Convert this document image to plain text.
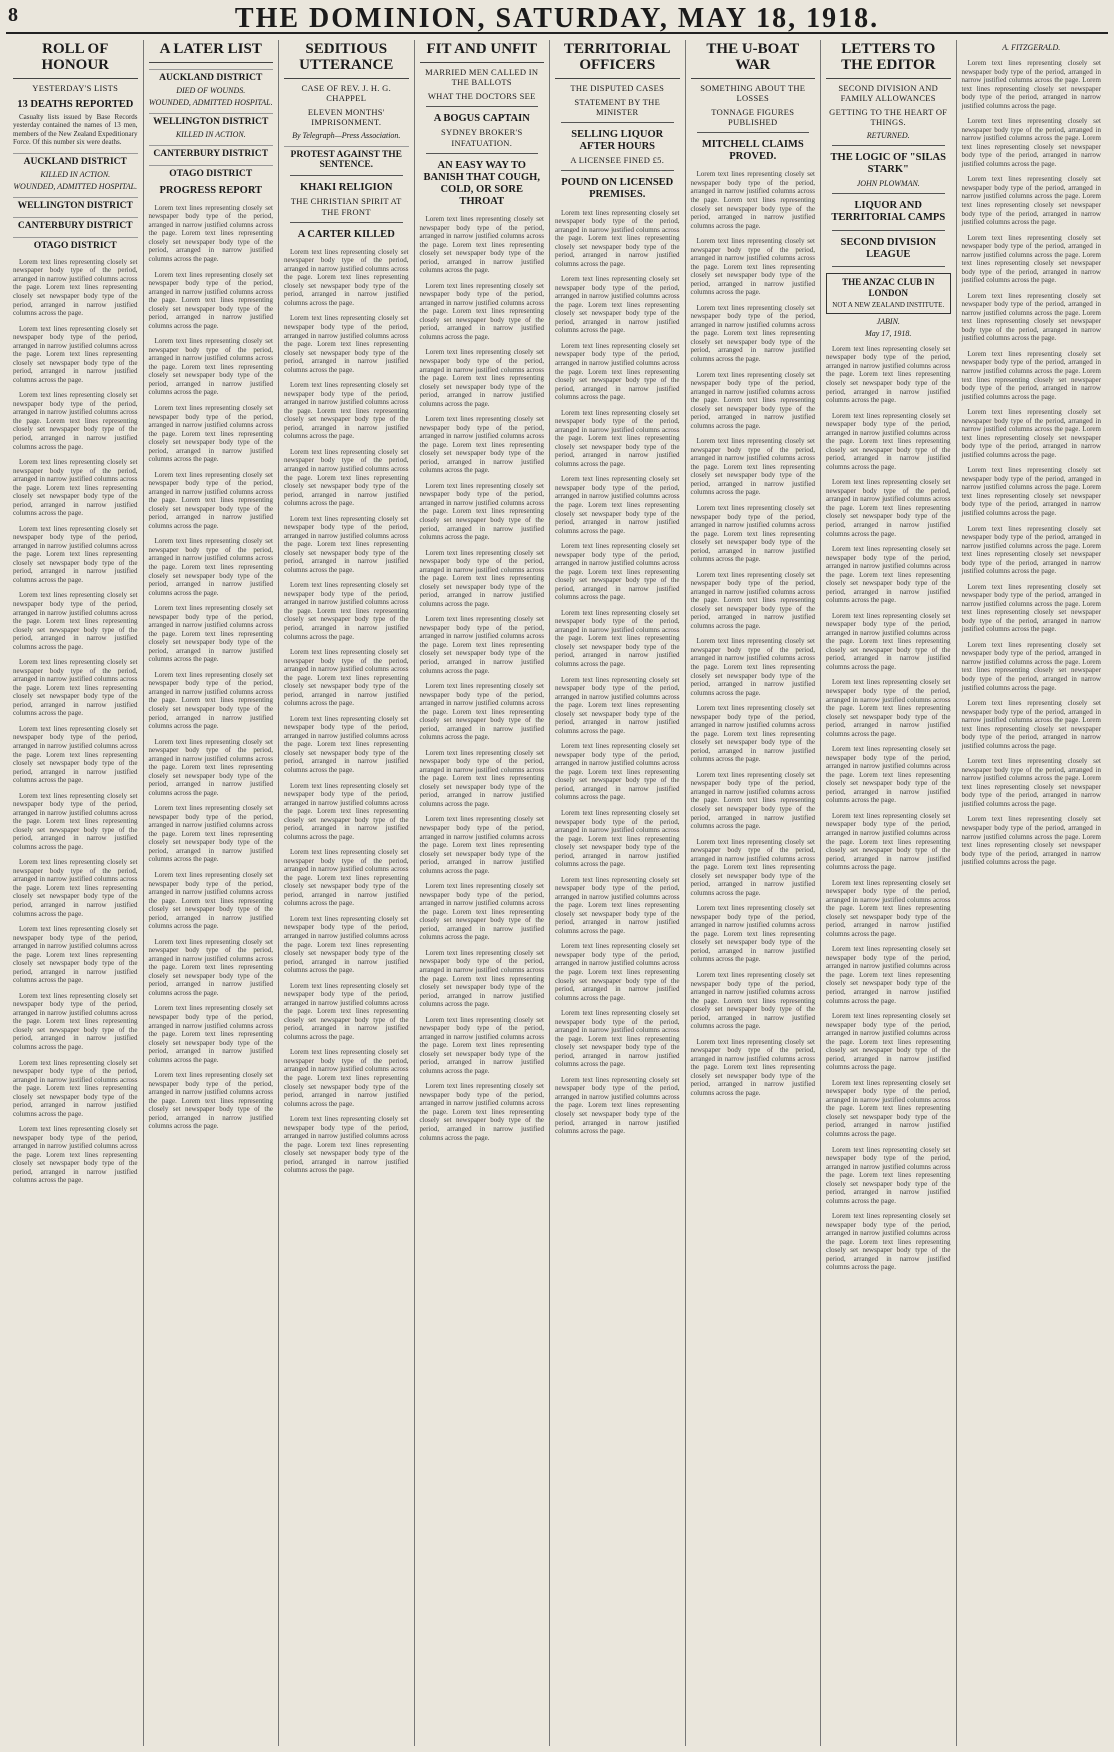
8	THE DOMINION, SATURDAY, MAY 18, 1918.
ROLL OF HONOUR
YESTERDAY'S LISTS
13 DEATHS REPORTED

Casualty lists issued by Base Records yesterday contained the names of 13 men, members of the New Zealand Expeditionary Force. Of this number six were deaths.

AUCKLAND DISTRICT
KILLED IN ACTION.
WOUNDED, ADMITTED HOSPITAL.
WELLINGTON DISTRICT
CANTERBURY DISTRICT
OTAGO DISTRICT

Lorem text lines representing closely set newspaper body type of the period, arranged in narrow justified columns across the page. Lorem text lines representing closely set newspaper body type of the period, arranged in narrow justified columns across the page.

Lorem text lines representing closely set newspaper body type of the period, arranged in narrow justified columns across the page. Lorem text lines representing closely set newspaper body type of the period, arranged in narrow justified columns across the page.

Lorem text lines representing closely set newspaper body type of the period, arranged in narrow justified columns across the page. Lorem text lines representing closely set newspaper body type of the period, arranged in narrow justified columns across the page.

Lorem text lines representing closely set newspaper body type of the period, arranged in narrow justified columns across the page. Lorem text lines representing closely set newspaper body type of the period, arranged in narrow justified columns across the page.

Lorem text lines representing closely set newspaper body type of the period, arranged in narrow justified columns across the page. Lorem text lines representing closely set newspaper body type of the period, arranged in narrow justified columns across the page.

Lorem text lines representing closely set newspaper body type of the period, arranged in narrow justified columns across the page. Lorem text lines representing closely set newspaper body type of the period, arranged in narrow justified columns across the page.

Lorem text lines representing closely set newspaper body type of the period, arranged in narrow justified columns across the page. Lorem text lines representing closely set newspaper body type of the period, arranged in narrow justified columns across the page.

Lorem text lines representing closely set newspaper body type of the period, arranged in narrow justified columns across the page. Lorem text lines representing closely set newspaper body type of the period, arranged in narrow justified columns across the page.

Lorem text lines representing closely set newspaper body type of the period, arranged in narrow justified columns across the page. Lorem text lines representing closely set newspaper body type of the period, arranged in narrow justified columns across the page.

Lorem text lines representing closely set newspaper body type of the period, arranged in narrow justified columns across the page. Lorem text lines representing closely set newspaper body type of the period, arranged in narrow justified columns across the page.

Lorem text lines representing closely set newspaper body type of the period, arranged in narrow justified columns across the page. Lorem text lines representing closely set newspaper body type of the period, arranged in narrow justified columns across the page.

Lorem text lines representing closely set newspaper body type of the period, arranged in narrow justified columns across the page. Lorem text lines representing closely set newspaper body type of the period, arranged in narrow justified columns across the page.

Lorem text lines representing closely set newspaper body type of the period, arranged in narrow justified columns across the page. Lorem text lines representing closely set newspaper body type of the period, arranged in narrow justified columns across the page.

Lorem text lines representing closely set newspaper body type of the period, arranged in narrow justified columns across the page. Lorem text lines representing closely set newspaper body type of the period, arranged in narrow justified columns across the page.

A LATER LIST
AUCKLAND DISTRICT
DIED OF WOUNDS.
WOUNDED, ADMITTED HOSPITAL.
WELLINGTON DISTRICT
KILLED IN ACTION.
CANTERBURY DISTRICT
OTAGO DISTRICT
PROGRESS REPORT

Lorem text lines representing closely set newspaper body type of the period, arranged in narrow justified columns across the page. Lorem text lines representing closely set newspaper body type of the period, arranged in narrow justified columns across the page.

Lorem text lines representing closely set newspaper body type of the period, arranged in narrow justified columns across the page. Lorem text lines representing closely set newspaper body type of the period, arranged in narrow justified columns across the page.

Lorem text lines representing closely set newspaper body type of the period, arranged in narrow justified columns across the page. Lorem text lines representing closely set newspaper body type of the period, arranged in narrow justified columns across the page.

Lorem text lines representing closely set newspaper body type of the period, arranged in narrow justified columns across the page. Lorem text lines representing closely set newspaper body type of the period, arranged in narrow justified columns across the page.

Lorem text lines representing closely set newspaper body type of the period, arranged in narrow justified columns across the page. Lorem text lines representing closely set newspaper body type of the period, arranged in narrow justified columns across the page.

Lorem text lines representing closely set newspaper body type of the period, arranged in narrow justified columns across the page. Lorem text lines representing closely set newspaper body type of the period, arranged in narrow justified columns across the page.

Lorem text lines representing closely set newspaper body type of the period, arranged in narrow justified columns across the page. Lorem text lines representing closely set newspaper body type of the period, arranged in narrow justified columns across the page.

Lorem text lines representing closely set newspaper body type of the period, arranged in narrow justified columns across the page. Lorem text lines representing closely set newspaper body type of the period, arranged in narrow justified columns across the page.

Lorem text lines representing closely set newspaper body type of the period, arranged in narrow justified columns across the page. Lorem text lines representing closely set newspaper body type of the period, arranged in narrow justified columns across the page.

Lorem text lines representing closely set newspaper body type of the period, arranged in narrow justified columns across the page. Lorem text lines representing closely set newspaper body type of the period, arranged in narrow justified columns across the page.

Lorem text lines representing closely set newspaper body type of the period, arranged in narrow justified columns across the page. Lorem text lines representing closely set newspaper body type of the period, arranged in narrow justified columns across the page.

Lorem text lines representing closely set newspaper body type of the period, arranged in narrow justified columns across the page. Lorem text lines representing closely set newspaper body type of the period, arranged in narrow justified columns across the page.

Lorem text lines representing closely set newspaper body type of the period, arranged in narrow justified columns across the page. Lorem text lines representing closely set newspaper body type of the period, arranged in narrow justified columns across the page.

Lorem text lines representing closely set newspaper body type of the period, arranged in narrow justified columns across the page. Lorem text lines representing closely set newspaper body type of the period, arranged in narrow justified columns across the page.

SEDITIOUS UTTERANCE
CASE OF REV. J. H. G. CHAPPEL
ELEVEN MONTHS' IMPRISONMENT.
By Telegraph—Press Association.
PROTEST AGAINST THE SENTENCE.
KHAKI RELIGION
THE CHRISTIAN SPIRIT AT THE FRONT
A CARTER KILLED

Lorem text lines representing closely set newspaper body type of the period, arranged in narrow justified columns across the page. Lorem text lines representing closely set newspaper body type of the period, arranged in narrow justified columns across the page.

Lorem text lines representing closely set newspaper body type of the period, arranged in narrow justified columns across the page. Lorem text lines representing closely set newspaper body type of the period, arranged in narrow justified columns across the page.

Lorem text lines representing closely set newspaper body type of the period, arranged in narrow justified columns across the page. Lorem text lines representing closely set newspaper body type of the period, arranged in narrow justified columns across the page.

Lorem text lines representing closely set newspaper body type of the period, arranged in narrow justified columns across the page. Lorem text lines representing closely set newspaper body type of the period, arranged in narrow justified columns across the page.

Lorem text lines representing closely set newspaper body type of the period, arranged in narrow justified columns across the page. Lorem text lines representing closely set newspaper body type of the period, arranged in narrow justified columns across the page.

Lorem text lines representing closely set newspaper body type of the period, arranged in narrow justified columns across the page. Lorem text lines representing closely set newspaper body type of the period, arranged in narrow justified columns across the page.

Lorem text lines representing closely set newspaper body type of the period, arranged in narrow justified columns across the page. Lorem text lines representing closely set newspaper body type of the period, arranged in narrow justified columns across the page.

Lorem text lines representing closely set newspaper body type of the period, arranged in narrow justified columns across the page. Lorem text lines representing closely set newspaper body type of the period, arranged in narrow justified columns across the page.

Lorem text lines representing closely set newspaper body type of the period, arranged in narrow justified columns across the page. Lorem text lines representing closely set newspaper body type of the period, arranged in narrow justified columns across the page.

Lorem text lines representing closely set newspaper body type of the period, arranged in narrow justified columns across the page. Lorem text lines representing closely set newspaper body type of the period, arranged in narrow justified columns across the page.

Lorem text lines representing closely set newspaper body type of the period, arranged in narrow justified columns across the page. Lorem text lines representing closely set newspaper body type of the period, arranged in narrow justified columns across the page.

Lorem text lines representing closely set newspaper body type of the period, arranged in narrow justified columns across the page. Lorem text lines representing closely set newspaper body type of the period, arranged in narrow justified columns across the page.

Lorem text lines representing closely set newspaper body type of the period, arranged in narrow justified columns across the page. Lorem text lines representing closely set newspaper body type of the period, arranged in narrow justified columns across the page.

Lorem text lines representing closely set newspaper body type of the period, arranged in narrow justified columns across the page. Lorem text lines representing closely set newspaper body type of the period, arranged in narrow justified columns across the page.

FIT AND UNFIT
MARRIED MEN CALLED IN THE BALLOTS
WHAT THE DOCTORS SEE
A BOGUS CAPTAIN
SYDNEY BROKER'S INFATUATION.
AN EASY WAY TO BANISH THAT COUGH, COLD, OR SORE THROAT

Lorem text lines representing closely set newspaper body type of the period, arranged in narrow justified columns across the page. Lorem text lines representing closely set newspaper body type of the period, arranged in narrow justified columns across the page.

Lorem text lines representing closely set newspaper body type of the period, arranged in narrow justified columns across the page. Lorem text lines representing closely set newspaper body type of the period, arranged in narrow justified columns across the page.

Lorem text lines representing closely set newspaper body type of the period, arranged in narrow justified columns across the page. Lorem text lines representing closely set newspaper body type of the period, arranged in narrow justified columns across the page.

Lorem text lines representing closely set newspaper body type of the period, arranged in narrow justified columns across the page. Lorem text lines representing closely set newspaper body type of the period, arranged in narrow justified columns across the page.

Lorem text lines representing closely set newspaper body type of the period, arranged in narrow justified columns across the page. Lorem text lines representing closely set newspaper body type of the period, arranged in narrow justified columns across the page.

Lorem text lines representing closely set newspaper body type of the period, arranged in narrow justified columns across the page. Lorem text lines representing closely set newspaper body type of the period, arranged in narrow justified columns across the page.

Lorem text lines representing closely set newspaper body type of the period, arranged in narrow justified columns across the page. Lorem text lines representing closely set newspaper body type of the period, arranged in narrow justified columns across the page.

Lorem text lines representing closely set newspaper body type of the period, arranged in narrow justified columns across the page. Lorem text lines representing closely set newspaper body type of the period, arranged in narrow justified columns across the page.

Lorem text lines representing closely set newspaper body type of the period, arranged in narrow justified columns across the page. Lorem text lines representing closely set newspaper body type of the period, arranged in narrow justified columns across the page.

Lorem text lines representing closely set newspaper body type of the period, arranged in narrow justified columns across the page. Lorem text lines representing closely set newspaper body type of the period, arranged in narrow justified columns across the page.

Lorem text lines representing closely set newspaper body type of the period, arranged in narrow justified columns across the page. Lorem text lines representing closely set newspaper body type of the period, arranged in narrow justified columns across the page.

Lorem text lines representing closely set newspaper body type of the period, arranged in narrow justified columns across the page. Lorem text lines representing closely set newspaper body type of the period, arranged in narrow justified columns across the page.

Lorem text lines representing closely set newspaper body type of the period, arranged in narrow justified columns across the page. Lorem text lines representing closely set newspaper body type of the period, arranged in narrow justified columns across the page.

Lorem text lines representing closely set newspaper body type of the period, arranged in narrow justified columns across the page. Lorem text lines representing closely set newspaper body type of the period, arranged in narrow justified columns across the page.

TERRITORIAL OFFICERS
THE DISPUTED CASES
STATEMENT BY THE MINISTER
SELLING LIQUOR AFTER HOURS
A LICENSEE FINED £5.
POUND ON LICENSED PREMISES.

Lorem text lines representing closely set newspaper body type of the period, arranged in narrow justified columns across the page. Lorem text lines representing closely set newspaper body type of the period, arranged in narrow justified columns across the page.

Lorem text lines representing closely set newspaper body type of the period, arranged in narrow justified columns across the page. Lorem text lines representing closely set newspaper body type of the period, arranged in narrow justified columns across the page.

Lorem text lines representing closely set newspaper body type of the period, arranged in narrow justified columns across the page. Lorem text lines representing closely set newspaper body type of the period, arranged in narrow justified columns across the page.

Lorem text lines representing closely set newspaper body type of the period, arranged in narrow justified columns across the page. Lorem text lines representing closely set newspaper body type of the period, arranged in narrow justified columns across the page.

Lorem text lines representing closely set newspaper body type of the period, arranged in narrow justified columns across the page. Lorem text lines representing closely set newspaper body type of the period, arranged in narrow justified columns across the page.

Lorem text lines representing closely set newspaper body type of the period, arranged in narrow justified columns across the page. Lorem text lines representing closely set newspaper body type of the period, arranged in narrow justified columns across the page.

Lorem text lines representing closely set newspaper body type of the period, arranged in narrow justified columns across the page. Lorem text lines representing closely set newspaper body type of the period, arranged in narrow justified columns across the page.

Lorem text lines representing closely set newspaper body type of the period, arranged in narrow justified columns across the page. Lorem text lines representing closely set newspaper body type of the period, arranged in narrow justified columns across the page.

Lorem text lines representing closely set newspaper body type of the period, arranged in narrow justified columns across the page. Lorem text lines representing closely set newspaper body type of the period, arranged in narrow justified columns across the page.

Lorem text lines representing closely set newspaper body type of the period, arranged in narrow justified columns across the page. Lorem text lines representing closely set newspaper body type of the period, arranged in narrow justified columns across the page.

Lorem text lines representing closely set newspaper body type of the period, arranged in narrow justified columns across the page. Lorem text lines representing closely set newspaper body type of the period, arranged in narrow justified columns across the page.

Lorem text lines representing closely set newspaper body type of the period, arranged in narrow justified columns across the page. Lorem text lines representing closely set newspaper body type of the period, arranged in narrow justified columns across the page.

Lorem text lines representing closely set newspaper body type of the period, arranged in narrow justified columns across the page. Lorem text lines representing closely set newspaper body type of the period, arranged in narrow justified columns across the page.

Lorem text lines representing closely set newspaper body type of the period, arranged in narrow justified columns across the page. Lorem text lines representing closely set newspaper body type of the period, arranged in narrow justified columns across the page.

THE U-BOAT WAR
SOMETHING ABOUT THE LOSSES
TONNAGE FIGURES PUBLISHED
MITCHELL CLAIMS PROVED.

Lorem text lines representing closely set newspaper body type of the period, arranged in narrow justified columns across the page. Lorem text lines representing closely set newspaper body type of the period, arranged in narrow justified columns across the page.

Lorem text lines representing closely set newspaper body type of the period, arranged in narrow justified columns across the page. Lorem text lines representing closely set newspaper body type of the period, arranged in narrow justified columns across the page.

Lorem text lines representing closely set newspaper body type of the period, arranged in narrow justified columns across the page. Lorem text lines representing closely set newspaper body type of the period, arranged in narrow justified columns across the page.

Lorem text lines representing closely set newspaper body type of the period, arranged in narrow justified columns across the page. Lorem text lines representing closely set newspaper body type of the period, arranged in narrow justified columns across the page.

Lorem text lines representing closely set newspaper body type of the period, arranged in narrow justified columns across the page. Lorem text lines representing closely set newspaper body type of the period, arranged in narrow justified columns across the page.

Lorem text lines representing closely set newspaper body type of the period, arranged in narrow justified columns across the page. Lorem text lines representing closely set newspaper body type of the period, arranged in narrow justified columns across the page.

Lorem text lines representing closely set newspaper body type of the period, arranged in narrow justified columns across the page. Lorem text lines representing closely set newspaper body type of the period, arranged in narrow justified columns across the page.

Lorem text lines representing closely set newspaper body type of the period, arranged in narrow justified columns across the page. Lorem text lines representing closely set newspaper body type of the period, arranged in narrow justified columns across the page.

Lorem text lines representing closely set newspaper body type of the period, arranged in narrow justified columns across the page. Lorem text lines representing closely set newspaper body type of the period, arranged in narrow justified columns across the page.

Lorem text lines representing closely set newspaper body type of the period, arranged in narrow justified columns across the page. Lorem text lines representing closely set newspaper body type of the period, arranged in narrow justified columns across the page.

Lorem text lines representing closely set newspaper body type of the period, arranged in narrow justified columns across the page. Lorem text lines representing closely set newspaper body type of the period, arranged in narrow justified columns across the page.

Lorem text lines representing closely set newspaper body type of the period, arranged in narrow justified columns across the page. Lorem text lines representing closely set newspaper body type of the period, arranged in narrow justified columns across the page.

Lorem text lines representing closely set newspaper body type of the period, arranged in narrow justified columns across the page. Lorem text lines representing closely set newspaper body type of the period, arranged in narrow justified columns across the page.

Lorem text lines representing closely set newspaper body type of the period, arranged in narrow justified columns across the page. Lorem text lines representing closely set newspaper body type of the period, arranged in narrow justified columns across the page.

LETTERS TO THE EDITOR
SECOND DIVISION AND FAMILY ALLOWANCES
GETTING TO THE HEART OF THINGS.
RETURNED.
THE LOGIC OF "SILAS STARK"
JOHN PLOWMAN.
LIQUOR AND TERRITORIAL CAMPS
SECOND DIVISION LEAGUE
THE ANZAC CLUB IN LONDON
NOT A NEW ZEALAND INSTITUTE.
JABIN.
May 17, 1918.

Lorem text lines representing closely set newspaper body type of the period, arranged in narrow justified columns across the page. Lorem text lines representing closely set newspaper body type of the period, arranged in narrow justified columns across the page.

Lorem text lines representing closely set newspaper body type of the period, arranged in narrow justified columns across the page. Lorem text lines representing closely set newspaper body type of the period, arranged in narrow justified columns across the page.

Lorem text lines representing closely set newspaper body type of the period, arranged in narrow justified columns across the page. Lorem text lines representing closely set newspaper body type of the period, arranged in narrow justified columns across the page.

Lorem text lines representing closely set newspaper body type of the period, arranged in narrow justified columns across the page. Lorem text lines representing closely set newspaper body type of the period, arranged in narrow justified columns across the page.

Lorem text lines representing closely set newspaper body type of the period, arranged in narrow justified columns across the page. Lorem text lines representing closely set newspaper body type of the period, arranged in narrow justified columns across the page.

Lorem text lines representing closely set newspaper body type of the period, arranged in narrow justified columns across the page. Lorem text lines representing closely set newspaper body type of the period, arranged in narrow justified columns across the page.

Lorem text lines representing closely set newspaper body type of the period, arranged in narrow justified columns across the page. Lorem text lines representing closely set newspaper body type of the period, arranged in narrow justified columns across the page.

Lorem text lines representing closely set newspaper body type of the period, arranged in narrow justified columns across the page. Lorem text lines representing closely set newspaper body type of the period, arranged in narrow justified columns across the page.

Lorem text lines representing closely set newspaper body type of the period, arranged in narrow justified columns across the page. Lorem text lines representing closely set newspaper body type of the period, arranged in narrow justified columns across the page.

Lorem text lines representing closely set newspaper body type of the period, arranged in narrow justified columns across the page. Lorem text lines representing closely set newspaper body type of the period, arranged in narrow justified columns across the page.

Lorem text lines representing closely set newspaper body type of the period, arranged in narrow justified columns across the page. Lorem text lines representing closely set newspaper body type of the period, arranged in narrow justified columns across the page.

Lorem text lines representing closely set newspaper body type of the period, arranged in narrow justified columns across the page. Lorem text lines representing closely set newspaper body type of the period, arranged in narrow justified columns across the page.

Lorem text lines representing closely set newspaper body type of the period, arranged in narrow justified columns across the page. Lorem text lines representing closely set newspaper body type of the period, arranged in narrow justified columns across the page.

Lorem text lines representing closely set newspaper body type of the period, arranged in narrow justified columns across the page. Lorem text lines representing closely set newspaper body type of the period, arranged in narrow justified columns across the page.

A. FITZGERALD.

Lorem text lines representing closely set newspaper body type of the period, arranged in narrow justified columns across the page. Lorem text lines representing closely set newspaper body type of the period, arranged in narrow justified columns across the page.

Lorem text lines representing closely set newspaper body type of the period, arranged in narrow justified columns across the page. Lorem text lines representing closely set newspaper body type of the period, arranged in narrow justified columns across the page.

Lorem text lines representing closely set newspaper body type of the period, arranged in narrow justified columns across the page. Lorem text lines representing closely set newspaper body type of the period, arranged in narrow justified columns across the page.

Lorem text lines representing closely set newspaper body type of the period, arranged in narrow justified columns across the page. Lorem text lines representing closely set newspaper body type of the period, arranged in narrow justified columns across the page.

Lorem text lines representing closely set newspaper body type of the period, arranged in narrow justified columns across the page. Lorem text lines representing closely set newspaper body type of the period, arranged in narrow justified columns across the page.

Lorem text lines representing closely set newspaper body type of the period, arranged in narrow justified columns across the page. Lorem text lines representing closely set newspaper body type of the period, arranged in narrow justified columns across the page.

Lorem text lines representing closely set newspaper body type of the period, arranged in narrow justified columns across the page. Lorem text lines representing closely set newspaper body type of the period, arranged in narrow justified columns across the page.

Lorem text lines representing closely set newspaper body type of the period, arranged in narrow justified columns across the page. Lorem text lines representing closely set newspaper body type of the period, arranged in narrow justified columns across the page.

Lorem text lines representing closely set newspaper body type of the period, arranged in narrow justified columns across the page. Lorem text lines representing closely set newspaper body type of the period, arranged in narrow justified columns across the page.

Lorem text lines representing closely set newspaper body type of the period, arranged in narrow justified columns across the page. Lorem text lines representing closely set newspaper body type of the period, arranged in narrow justified columns across the page.

Lorem text lines representing closely set newspaper body type of the period, arranged in narrow justified columns across the page. Lorem text lines representing closely set newspaper body type of the period, arranged in narrow justified columns across the page.

Lorem text lines representing closely set newspaper body type of the period, arranged in narrow justified columns across the page. Lorem text lines representing closely set newspaper body type of the period, arranged in narrow justified columns across the page.

Lorem text lines representing closely set newspaper body type of the period, arranged in narrow justified columns across the page. Lorem text lines representing closely set newspaper body type of the period, arranged in narrow justified columns across the page.

Lorem text lines representing closely set newspaper body type of the period, arranged in narrow justified columns across the page. Lorem text lines representing closely set newspaper body type of the period, arranged in narrow justified columns across the page.
